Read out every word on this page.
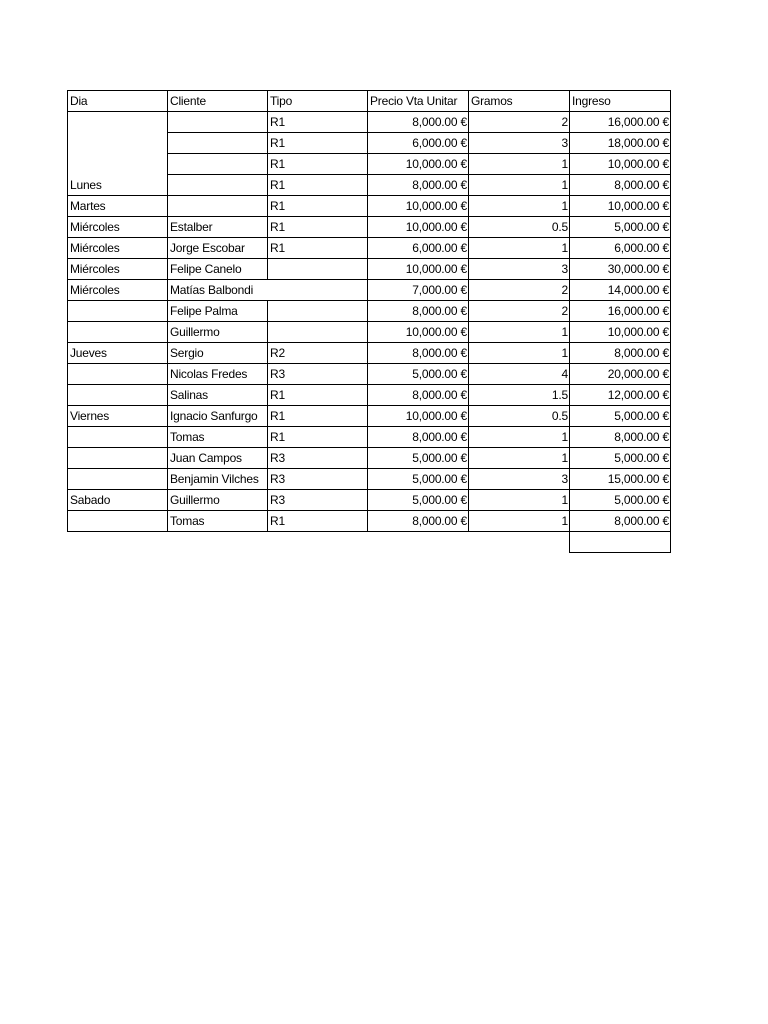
Dia	Cliente	Tipo	Precio Vta Unitar	Gramos	Ingreso
		R1	8,000.00 €	2	16,000.00 €
		R1	6,000.00 €	3	18,000.00 €
		R1	10,000.00 €	1	10,000.00 €
Lunes		R1	8,000.00 €	1	8,000.00 €
Martes		R1	10,000.00 €	1	10,000.00 €
Miércoles	Estalber	R1	10,000.00 €	0.5	5,000.00 €
Miércoles	Jorge Escobar	R1	6,000.00 €	1	6,000.00 €
Miércoles	Felipe Canelo		10,000.00 €	3	30,000.00 €
Miércoles	Matías Balbondi		7,000.00 €	2	14,000.00 €
	Felipe Palma		8,000.00 €	2	16,000.00 €
	Guillermo		10,000.00 €	1	10,000.00 €
Jueves	Sergio	R2	8,000.00 €	1	8,000.00 €
	Nicolas Fredes	R3	5,000.00 €	4	20,000.00 €
	Salinas	R1	8,000.00 €	1.5	12,000.00 €
Viernes	Ignacio Sanfurgo	R1	10,000.00 €	0.5	5,000.00 €
	Tomas	R1	8,000.00 €	1	8,000.00 €
	Juan Campos	R3	5,000.00 €	1	5,000.00 €
	Benjamin Vilches	R3	5,000.00 €	3	15,000.00 €
Sabado	Guillermo	R3	5,000.00 €	1	5,000.00 €
	Tomas	R1	8,000.00 €	1	8,000.00 €
